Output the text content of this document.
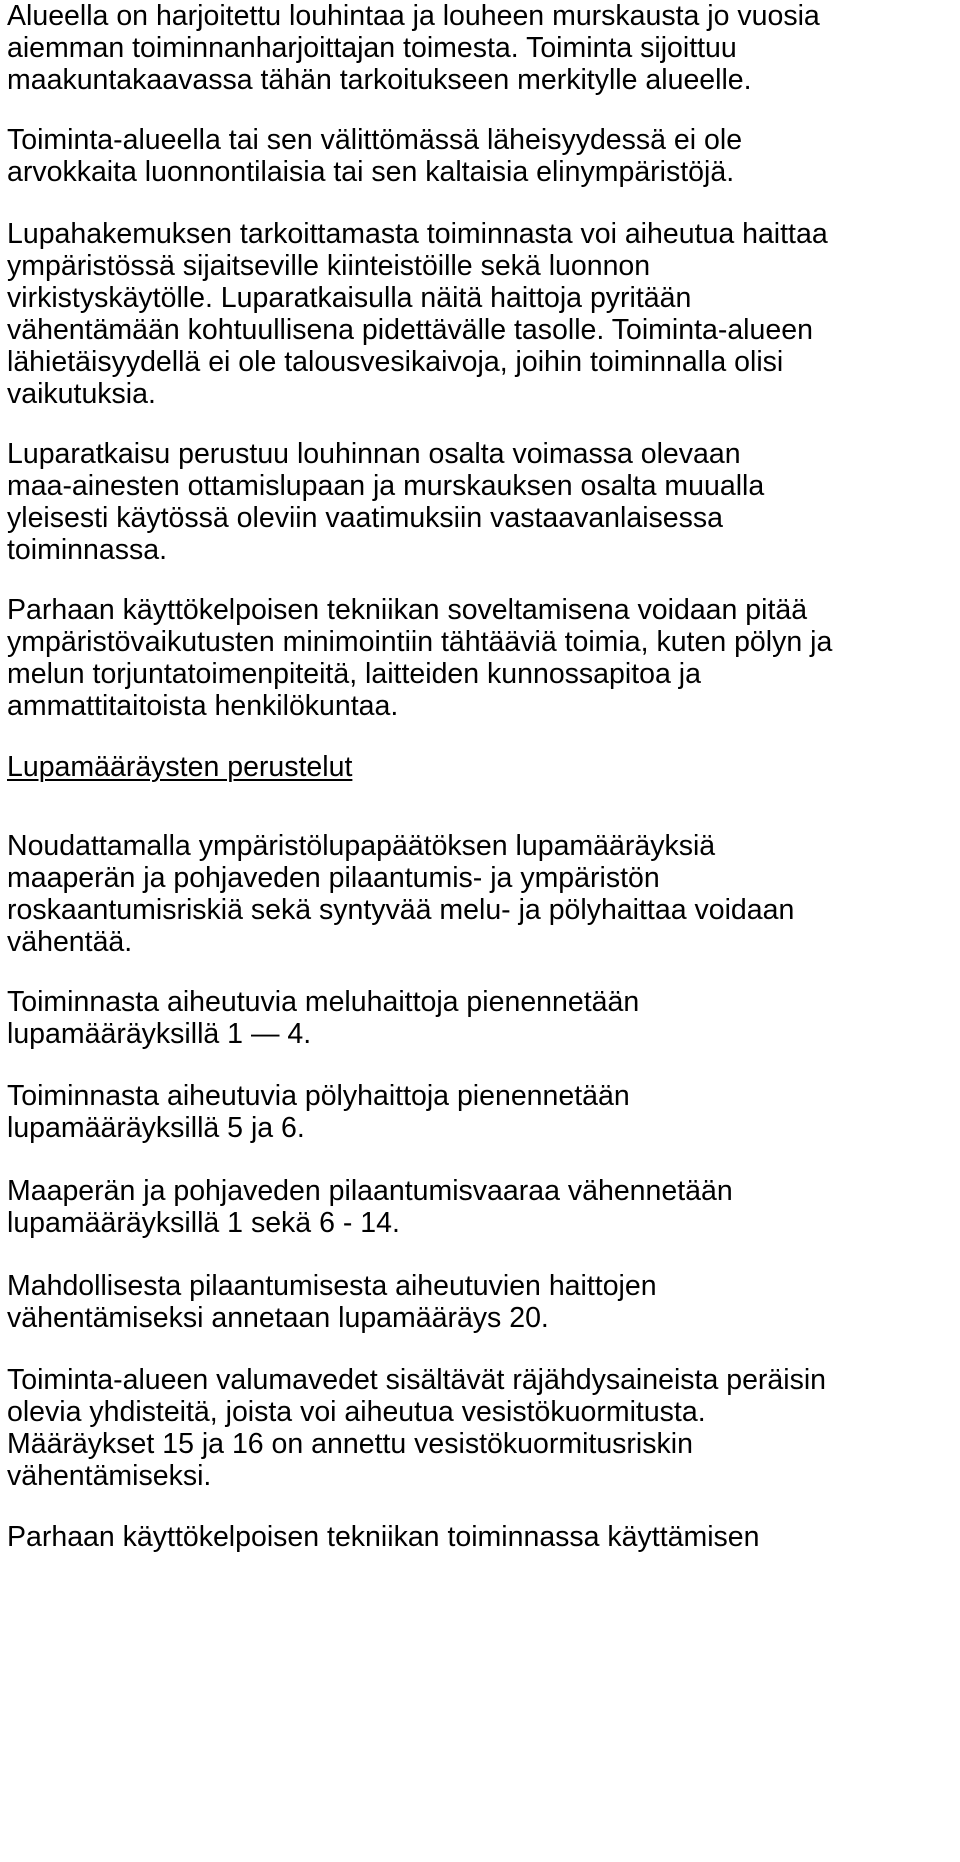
Alueella on harjoitettu louhintaa ja louheen murskausta jo vuosia
aiemman toiminnanharjoittajan toimesta. Toiminta sijoittuu
maakuntakaavassa tähän tarkoitukseen merkitylle alueelle.

Toiminta-alueella tai sen välittömässä läheisyydessä ei ole
arvokkaita luonnontilaisia tai sen kaltaisia elinympäristöjä.

Lupahakemuksen tarkoittamasta toiminnasta voi aiheutua haittaa
ympäristössä sijaitseville kiinteistöille sekä luonnon
virkistyskäytölle. Luparatkaisulla näitä haittoja pyritään
vähentämään kohtuullisena pidettävälle tasolle. Toiminta-alueen
lähietäisyydellä ei ole talousvesikaivoja, joihin toiminnalla olisi
vaikutuksia.

Luparatkaisu perustuu louhinnan osalta voimassa olevaan
maa-ainesten ottamislupaan ja murskauksen osalta muualla
yleisesti käytössä oleviin vaatimuksiin vastaavanlaisessa
toiminnassa.

Parhaan käyttökelpoisen tekniikan soveltamisena voidaan pitää
ympäristövaikutusten minimointiin tähtääviä toimia, kuten pölyn ja
melun torjuntatoimenpiteitä, laitteiden kunnossapitoa ja
ammattitaitoista henkilökuntaa.

Lupamääräysten perustelut

Noudattamalla ympäristölupapäätöksen lupamääräyksiä
maaperän ja pohjaveden pilaantumis- ja ympäristön
roskaantumisriskiä sekä syntyvää melu- ja pölyhaittaa voidaan
vähentää.

Toiminnasta aiheutuvia meluhaittoja pienennetään
lupamääräyksillä 1 — 4.

Toiminnasta aiheutuvia pölyhaittoja pienennetään
lupamääräyksillä 5 ja 6.

Maaperän ja pohjaveden pilaantumisvaaraa vähennetään
lupamääräyksillä 1 sekä 6 - 14.

Mahdollisesta pilaantumisesta aiheutuvien haittojen
vähentämiseksi annetaan lupamääräys 20.

Toiminta-alueen valumavedet sisältävät räjähdysaineista peräisin
olevia yhdisteitä, joista voi aiheutua vesistökuormitusta.
Määräykset 15 ja 16 on annettu vesistökuormitusriskin
vähentämiseksi.

Parhaan käyttökelpoisen tekniikan toiminnassa käyttämisen
